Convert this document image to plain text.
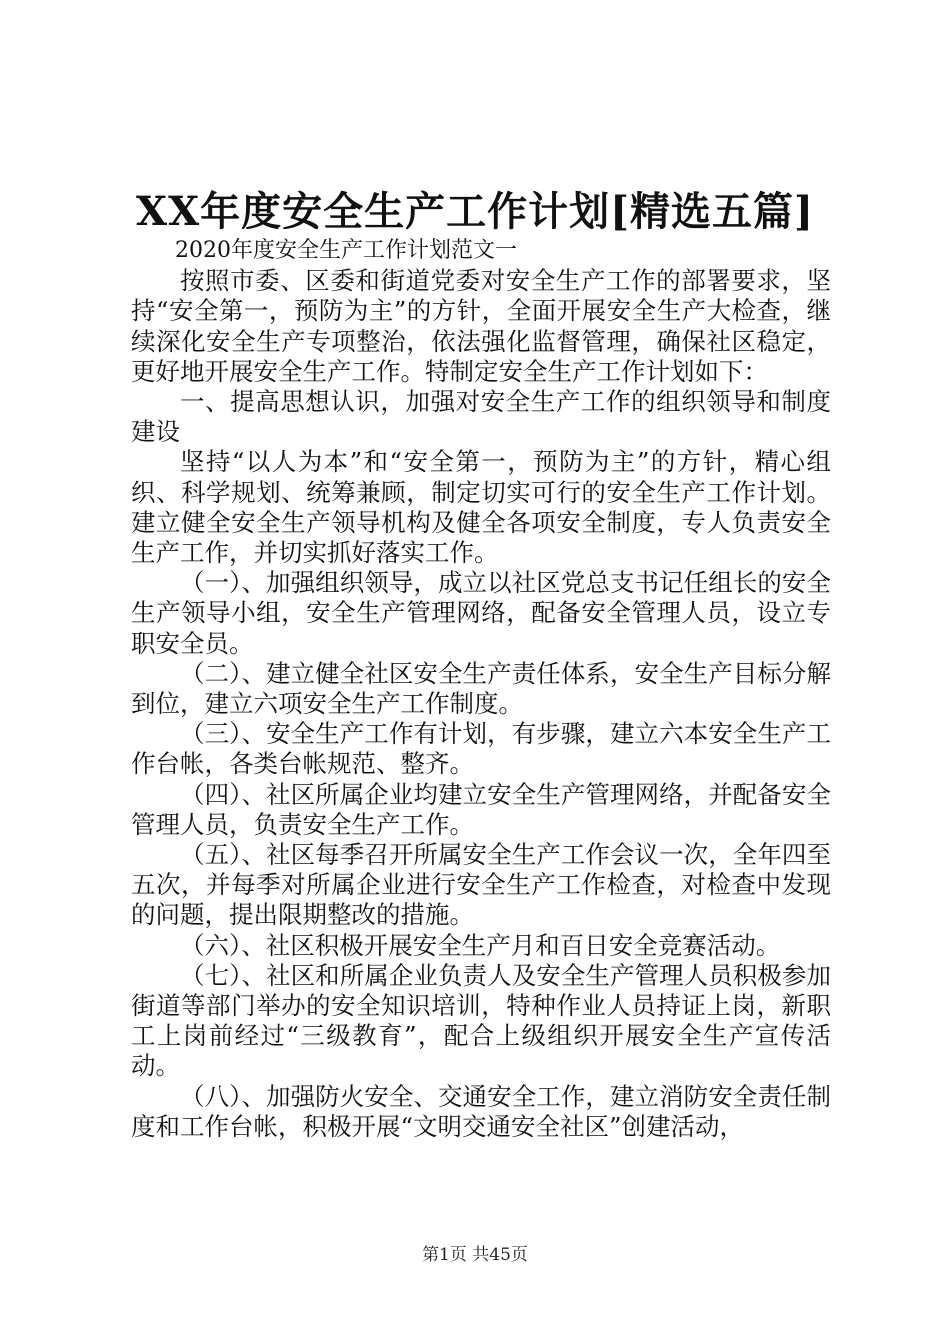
XX年度安全生产工作计划[精选五篇]

2020年度安全生产工作计划范文一

按照市委、区委和街道党委对安全生产工作的部署要求，坚持“安全第一，预防为主”的方针，全面开展安全生产大检查，继续深化安全生产专项整治，依法强化监督管理，确保社区稳定，更好地开展安全生产工作。特制定安全生产工作计划如下：

一、提高思想认识，加强对安全生产工作的组织领导和制度建设

坚持“以人为本”和“安全第一，预防为主”的方针，精心组织、科学规划、统筹兼顾，制定切实可行的安全生产工作计划。建立健全安全生产领导机构及健全各项安全制度，专人负责安全生产工作，并切实抓好落实工作。

（一）、加强组织领导，成立以社区党总支书记任组长的安全生产领导小组，安全生产管理网络，配备安全管理人员，设立专职安全员。

（二）、建立健全社区安全生产责任体系，安全生产目标分解到位，建立六项安全生产工作制度。

（三）、安全生产工作有计划，有步骤，建立六本安全生产工作台帐，各类台帐规范、整齐。

（四）、社区所属企业均建立安全生产管理网络，并配备安全管理人员，负责安全生产工作。

（五）、社区每季召开所属安全生产工作会议一次，全年四至五次，并每季对所属企业进行安全生产工作检查，对检查中发现的问题，提出限期整改的措施。

（六）、社区积极开展安全生产月和百日安全竞赛活动。

（七）、社区和所属企业负责人及安全生产管理人员积极参加街道等部门举办的安全知识培训，特种作业人员持证上岗，新职工上岗前经过“三级教育”，配合上级组织开展安全生产宣传活动。

（八）、加强防火安全、交通安全工作，建立消防安全责任制度和工作台帐，积极开展“文明交通安全社区”创建活动，

第1页 共45页
